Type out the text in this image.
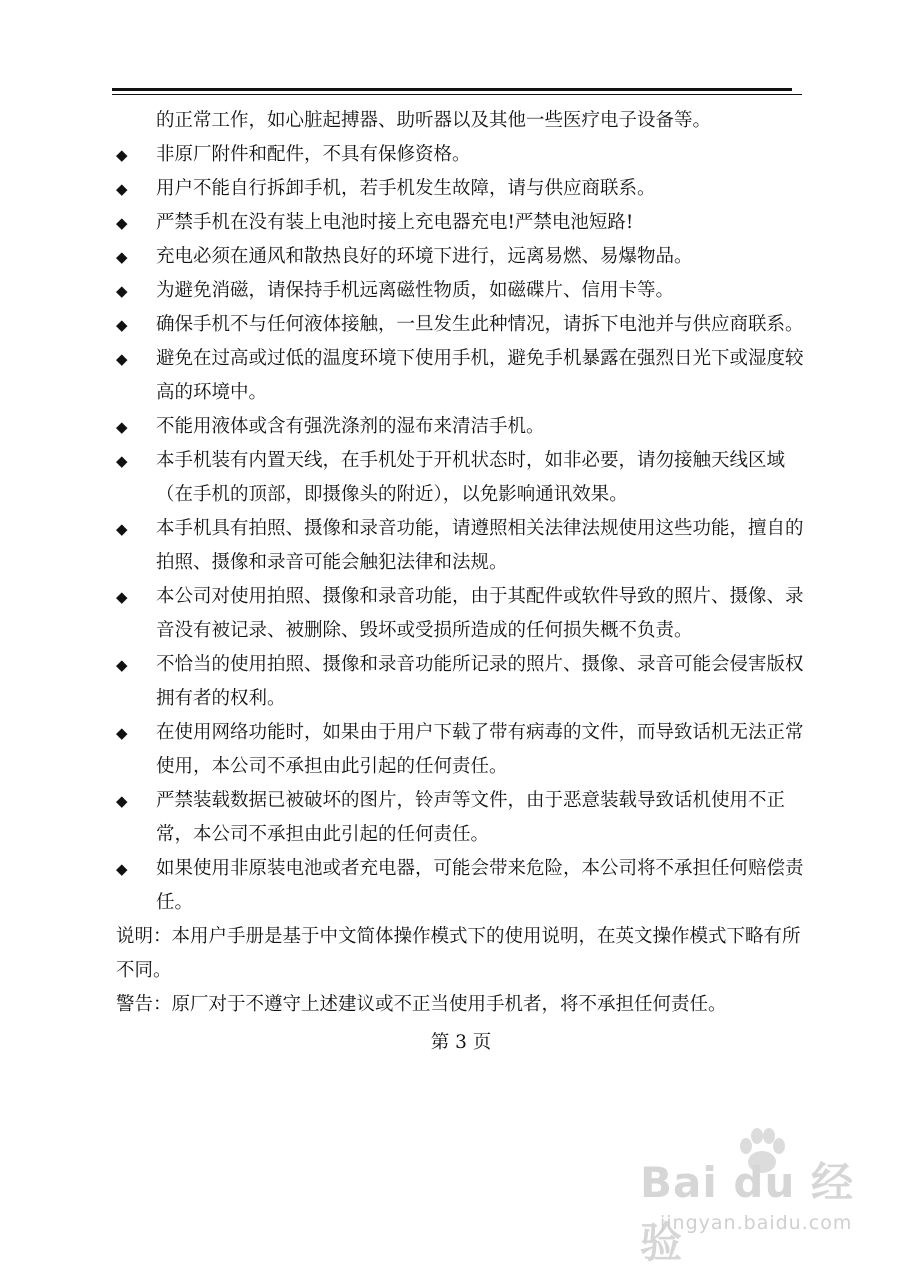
的正常工作，如心脏起搏器、助听器以及其他一些医疗电子设备等。
◆	非原厂附件和配件，不具有保修资格。
◆	用户不能自行拆卸手机，若手机发生故障，请与供应商联系。
◆	严禁手机在没有装上电池时接上充电器充电!严禁电池短路!
◆	充电必须在通风和散热良好的环境下进行，远离易燃、易爆物品。
◆	为避免消磁，请保持手机远离磁性物质，如磁碟片、信用卡等。
◆	确保手机不与任何液体接触，一旦发生此种情况，请拆下电池并与供应商联系。
◆	避免在过高或过低的温度环境下使用手机，避免手机暴露在强烈日光下或湿度较高的环境中。
◆	不能用液体或含有强洗涤剂的湿布来清洁手机。
◆	本手机装有内置天线，在手机处于开机状态时，如非必要，请勿接触天线区域（在手机的顶部，即摄像头的附近），以免影响通讯效果。
◆	本手机具有拍照、摄像和录音功能，请遵照相关法律法规使用这些功能，擅自的拍照、摄像和录音可能会触犯法律和法规。
◆	本公司对使用拍照、摄像和录音功能，由于其配件或软件导致的照片、摄像、录音没有被记录、被删除、毁坏或受损所造成的任何损失概不负责。
◆	不恰当的使用拍照、摄像和录音功能所记录的照片、摄像、录音可能会侵害版权拥有者的权利。
◆	在使用网络功能时，如果由于用户下载了带有病毒的文件，而导致话机无法正常使用，本公司不承担由此引起的任何责任。
◆	严禁装载数据已被破坏的图片，铃声等文件，由于恶意装载导致话机使用不正常，本公司不承担由此引起的任何责任。
◆	如果使用非原装电池或者充电器，可能会带来危险，本公司将不承担任何赔偿责任。
说明：本用户手册是基于中文简体操作模式下的使用说明，在英文操作模式下略有所不同。
警告：原厂对于不遵守上述建议或不正当使用手机者，将不承担任何责任。
第 3 页
Bai du 经验
jingyan.baidu.com
